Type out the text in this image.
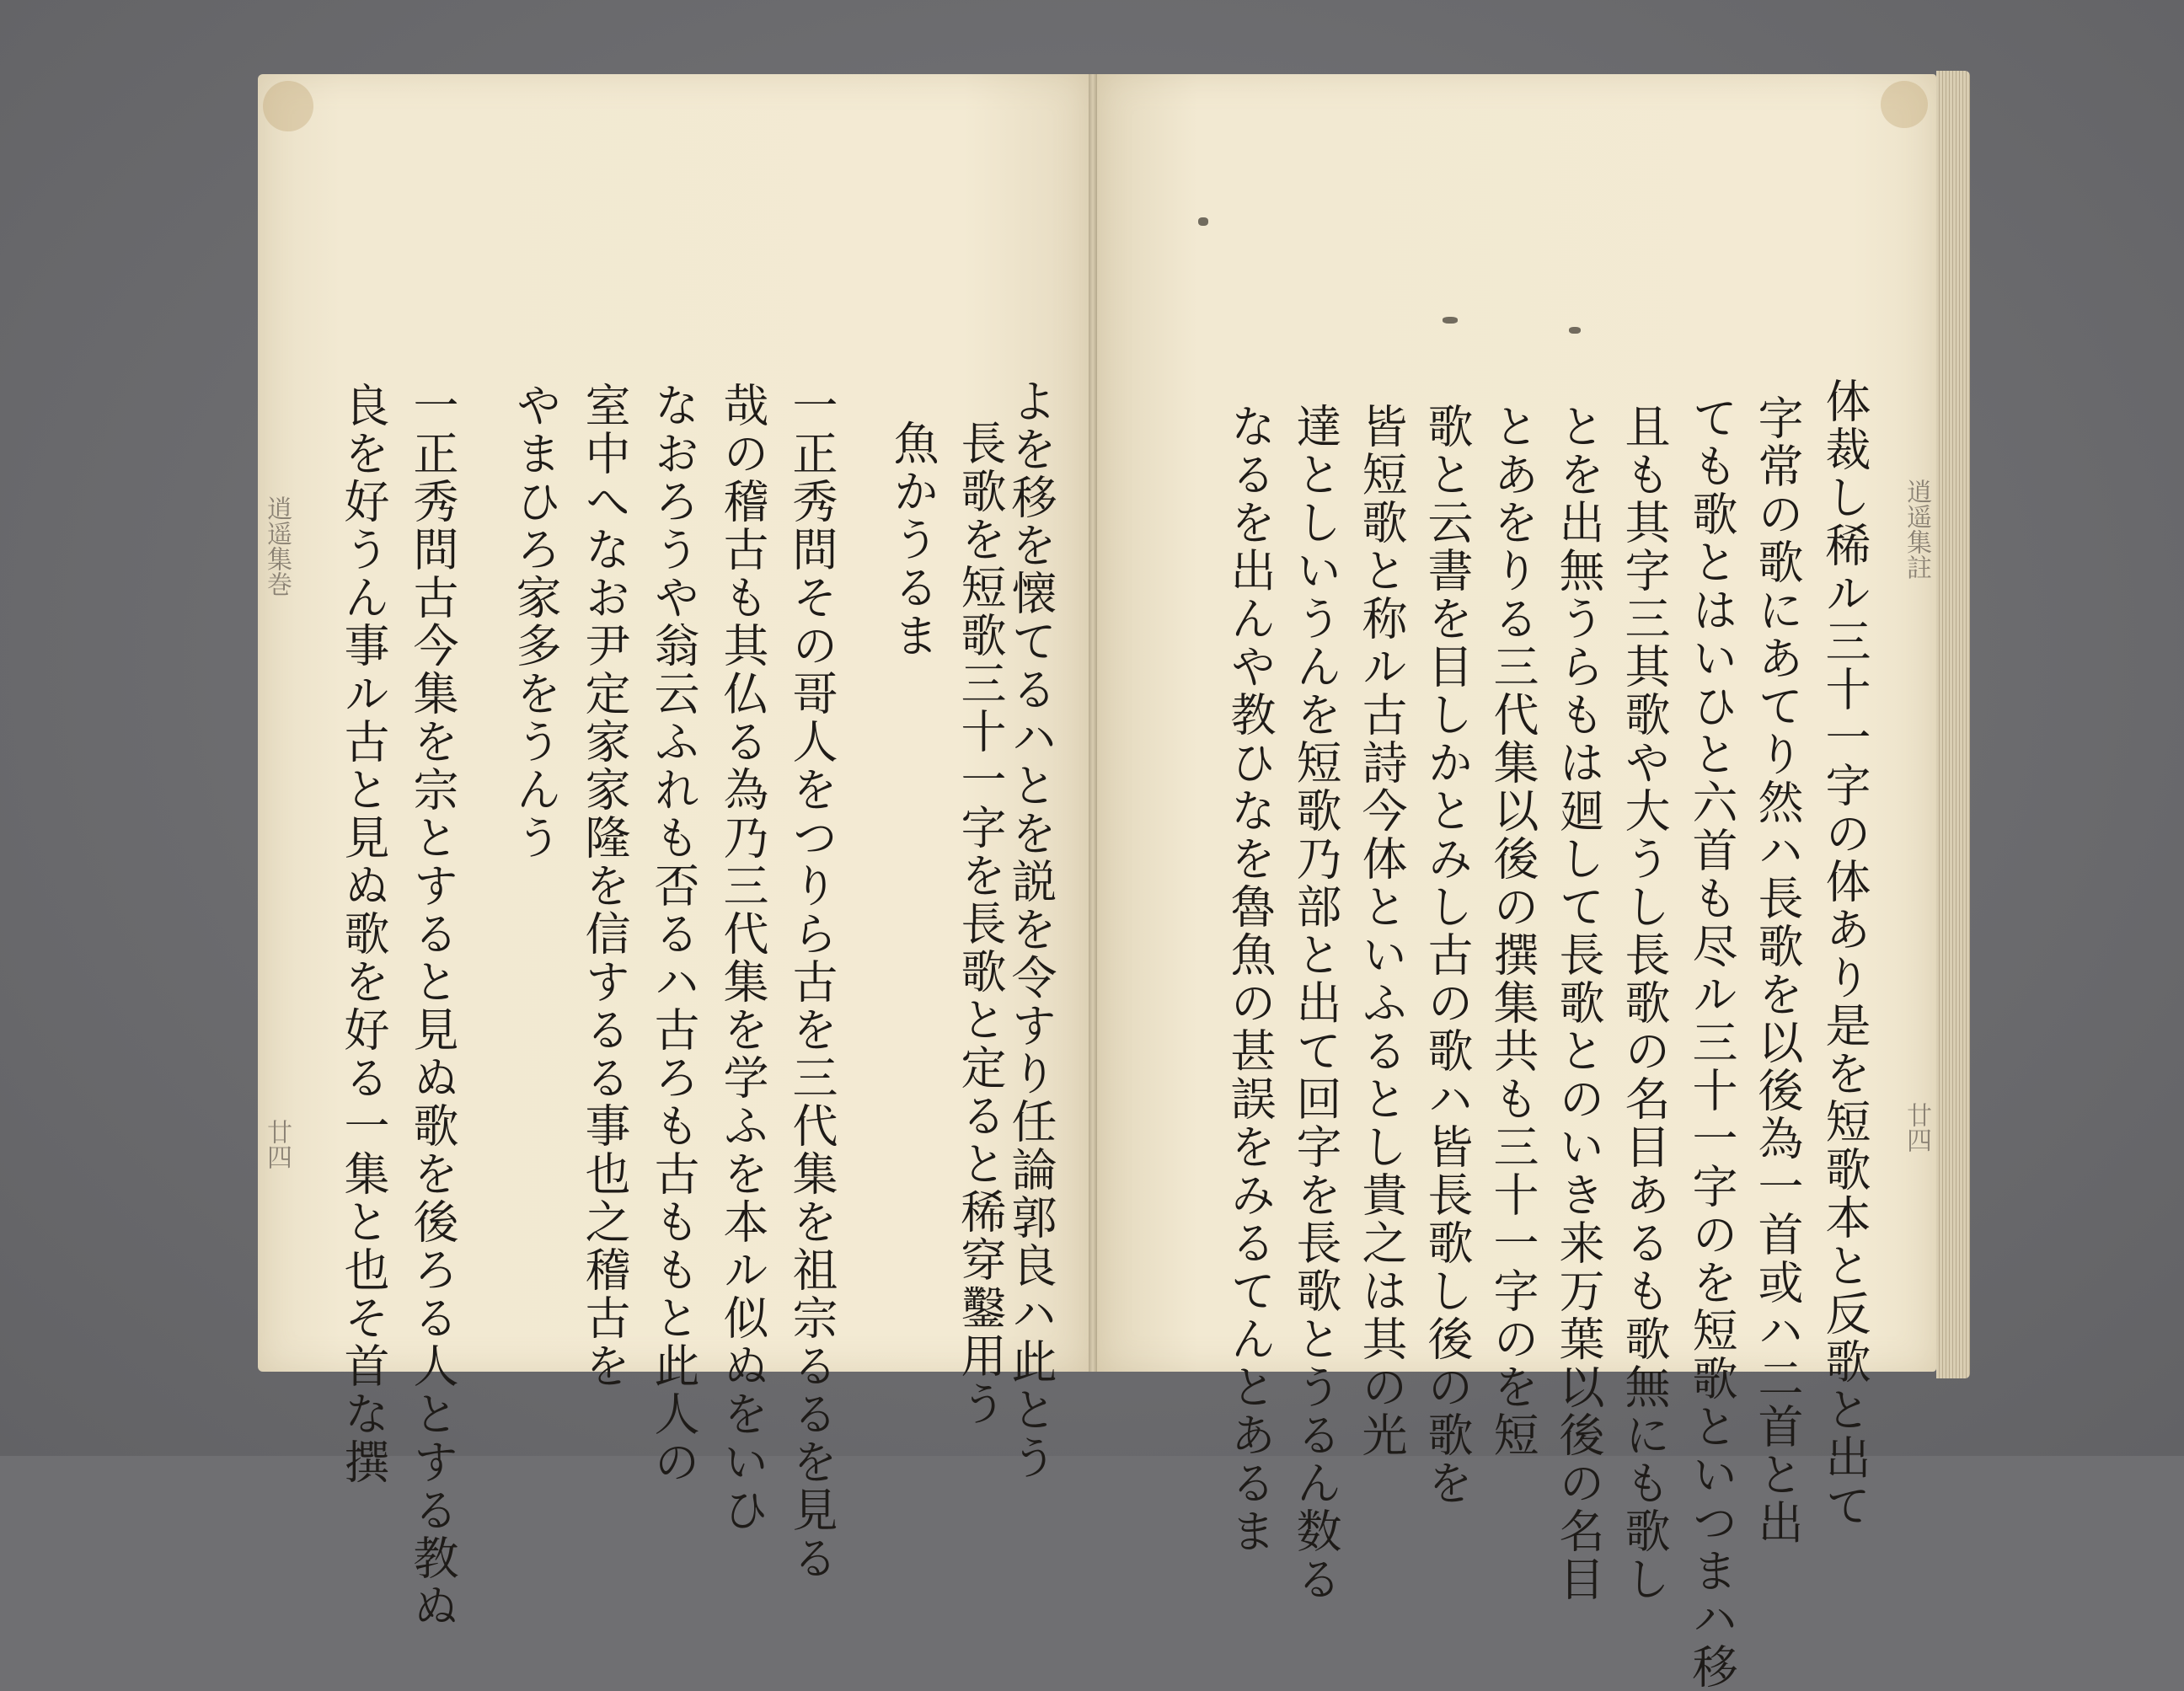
逍遥集巻
廿四	よを移を懐てるハとを説を令すり任論郭良ハ此とう
長歌を短歌三十一字を長歌と定ると稀穿鑿用う
魚かうるま
一正秀問その哥人をつりら古を三代集を祖宗るるを見る
哉の稽古も其仏る為乃三代集を学ふを本ル似ぬをいひ
なおろうや翁云ふれも否るハ古ろも古ももと此人の
室中へなお尹定家家隆を信するる事也之稽古を
やまひろ家多をうんう
一正秀問古今集を宗とすると見ぬ歌を後ろる人とする教ぬ
良を好うん事ル古と見ぬ歌を好る一集と也そ首な撰	逍遥集註
廿四
体裁し稀ル三十一字の体あり是を短歌本と反歌と出て
字常の歌にあてり然ハ長歌を以後為一首或ハ二首と出
ても歌とはいひと六首も尽ル三十一字のを短歌といつまハ移
且も其字三其歌や大うし長歌の名目あるも歌無にも歌し
とを出無うらもは廻して長歌とのいき来万葉以後の名目
とあをりる三代集以後の撰集共も三十一字のを短
歌と云書を目しかとみし古の歌ハ皆長歌し後の歌を
皆短歌と称ル古詩今体といふるとし貴之は其の光
達としいうんを短歌乃部と出て回字を長歌とうるん数る
なるを出んや教ひなを魯魚の甚誤をみるてんとあるま
